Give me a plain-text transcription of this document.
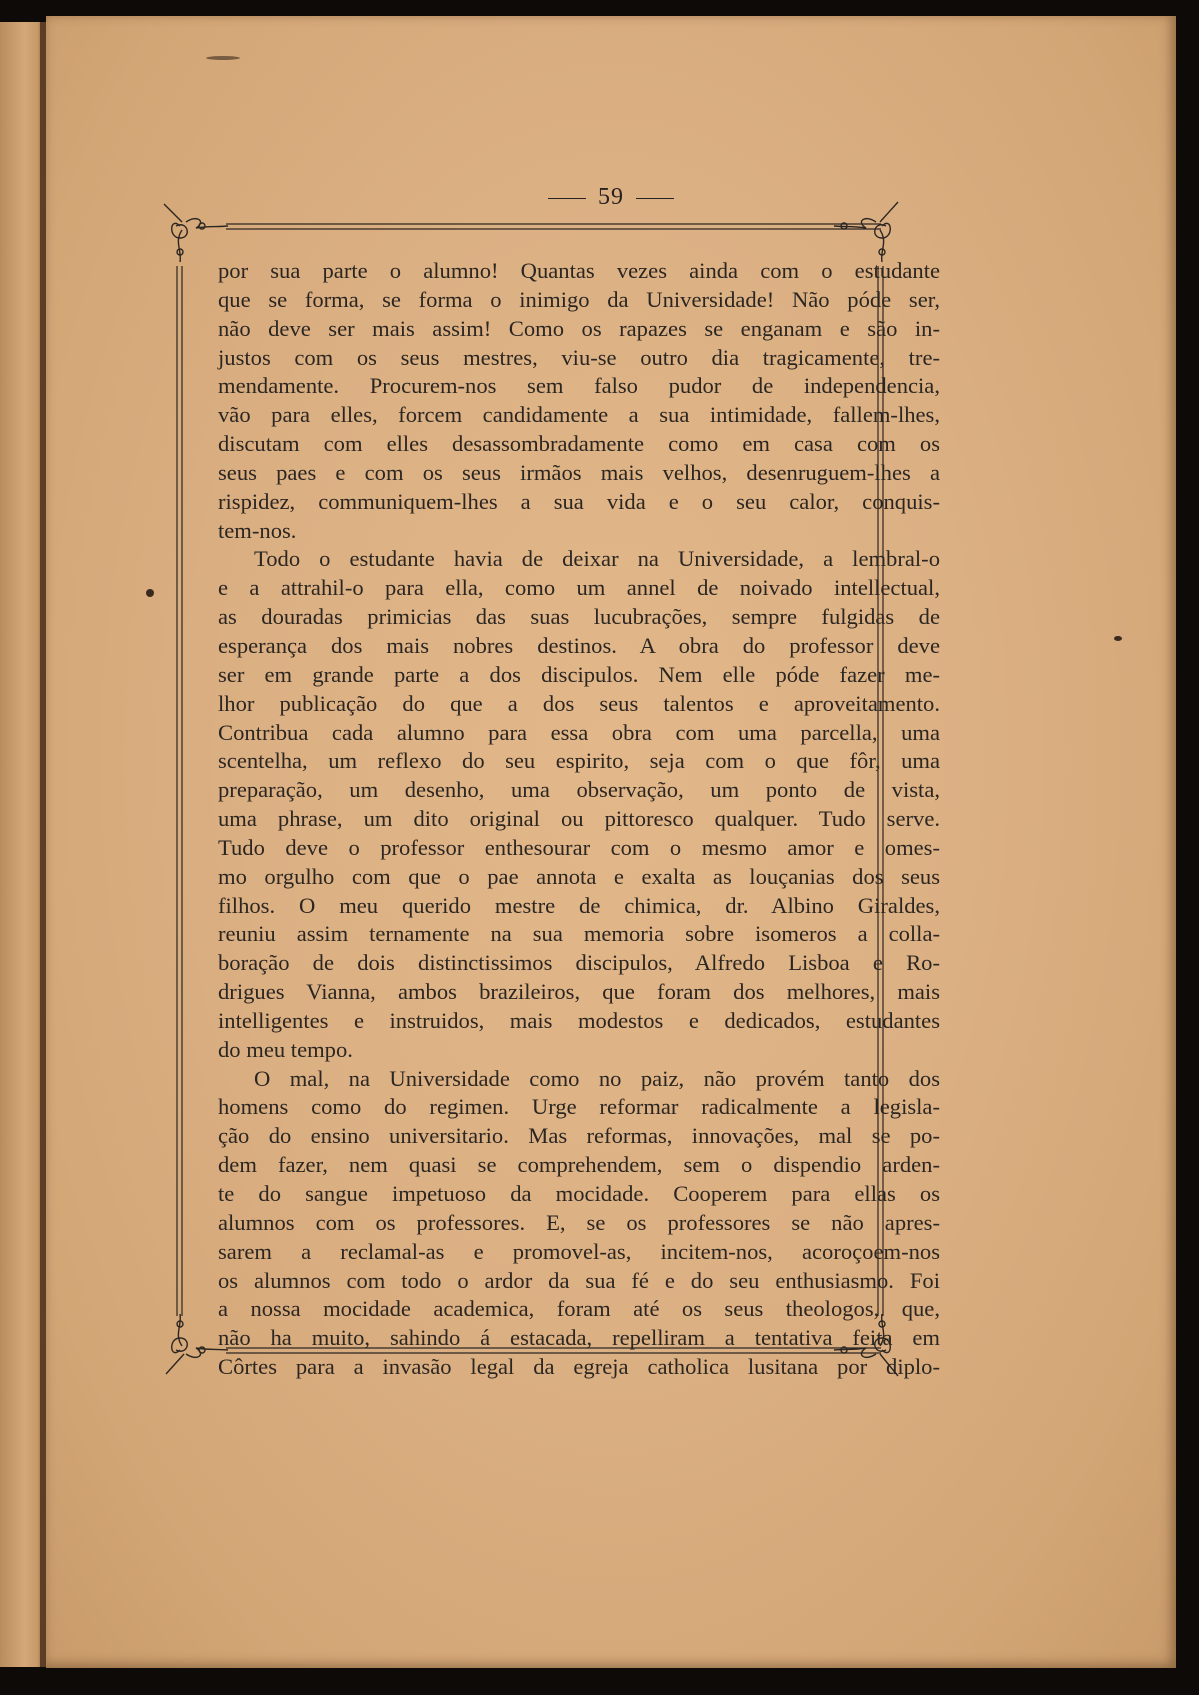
59
por sua parte o alumno! Quantas vezes ainda com o estudante
que se forma, se forma o inimigo da Universidade! Não póde ser,
não deve ser mais assim! Como os rapazes se enganam e são in-
justos com os seus mestres, viu-se outro dia tragicamente, tre-
mendamente. Procurem-nos sem falso pudor de independencia,
vão para elles, forcem candidamente a sua intimidade, fallem-lhes,
discutam com elles desassombradamente como em casa com os
seus paes e com os seus irmãos mais velhos, desenruguem-lhes a
rispidez, communiquem-lhes a sua vida e o seu calor, conquis-
tem-nos.
Todo o estudante havia de deixar na Universidade, a lembral-o
e a attrahil-o para ella, como um annel de noivado intellectual,
as douradas primicias das suas lucubrações, sempre fulgidas de
esperança dos mais nobres destinos. A obra do professor deve
ser em grande parte a dos discipulos. Nem elle póde fazer me-
lhor publicação do que a dos seus talentos e aproveitamento.
Contribua cada alumno para essa obra com uma parcella, uma
scentelha, um reflexo do seu espirito, seja com o que fôr, uma
preparação, um desenho, uma observação, um ponto de vista,
uma phrase, um dito original ou pittoresco qualquer. Tudo serve.
Tudo deve o professor enthesourar com o mesmo amor e omes-
mo orgulho com que o pae annota e exalta as louçanias dos seus
filhos. O meu querido mestre de chimica, dr. Albino Giraldes,
reuniu assim ternamente na sua memoria sobre isomeros a colla-
boração de dois distinctissimos discipulos, Alfredo Lisboa e Ro-
drigues Vianna, ambos brazileiros, que foram dos melhores, mais
intelligentes e instruidos, mais modestos e dedicados, estudantes
do meu tempo.
O mal, na Universidade como no paiz, não provém tanto dos
homens como do regimen. Urge reformar radicalmente a legisla-
ção do ensino universitario. Mas reformas, innovações, mal se po-
dem fazer, nem quasi se comprehendem, sem o dispendio arden-
te do sangue impetuoso da mocidade. Cooperem para ellas os
alumnos com os professores. E, se os professores se não apres-
sarem a reclamal-as e promovel-as, incitem-nos, acoroçoem-nos
os alumnos com todo o ardor da sua fé e do seu enthusiasmo. Foi
a nossa mocidade academica, foram até os seus theologos, que,
não ha muito, sahindo á estacada, repelliram a tentativa feita em
Côrtes para a invasão legal da egreja catholica lusitana por diplo-
